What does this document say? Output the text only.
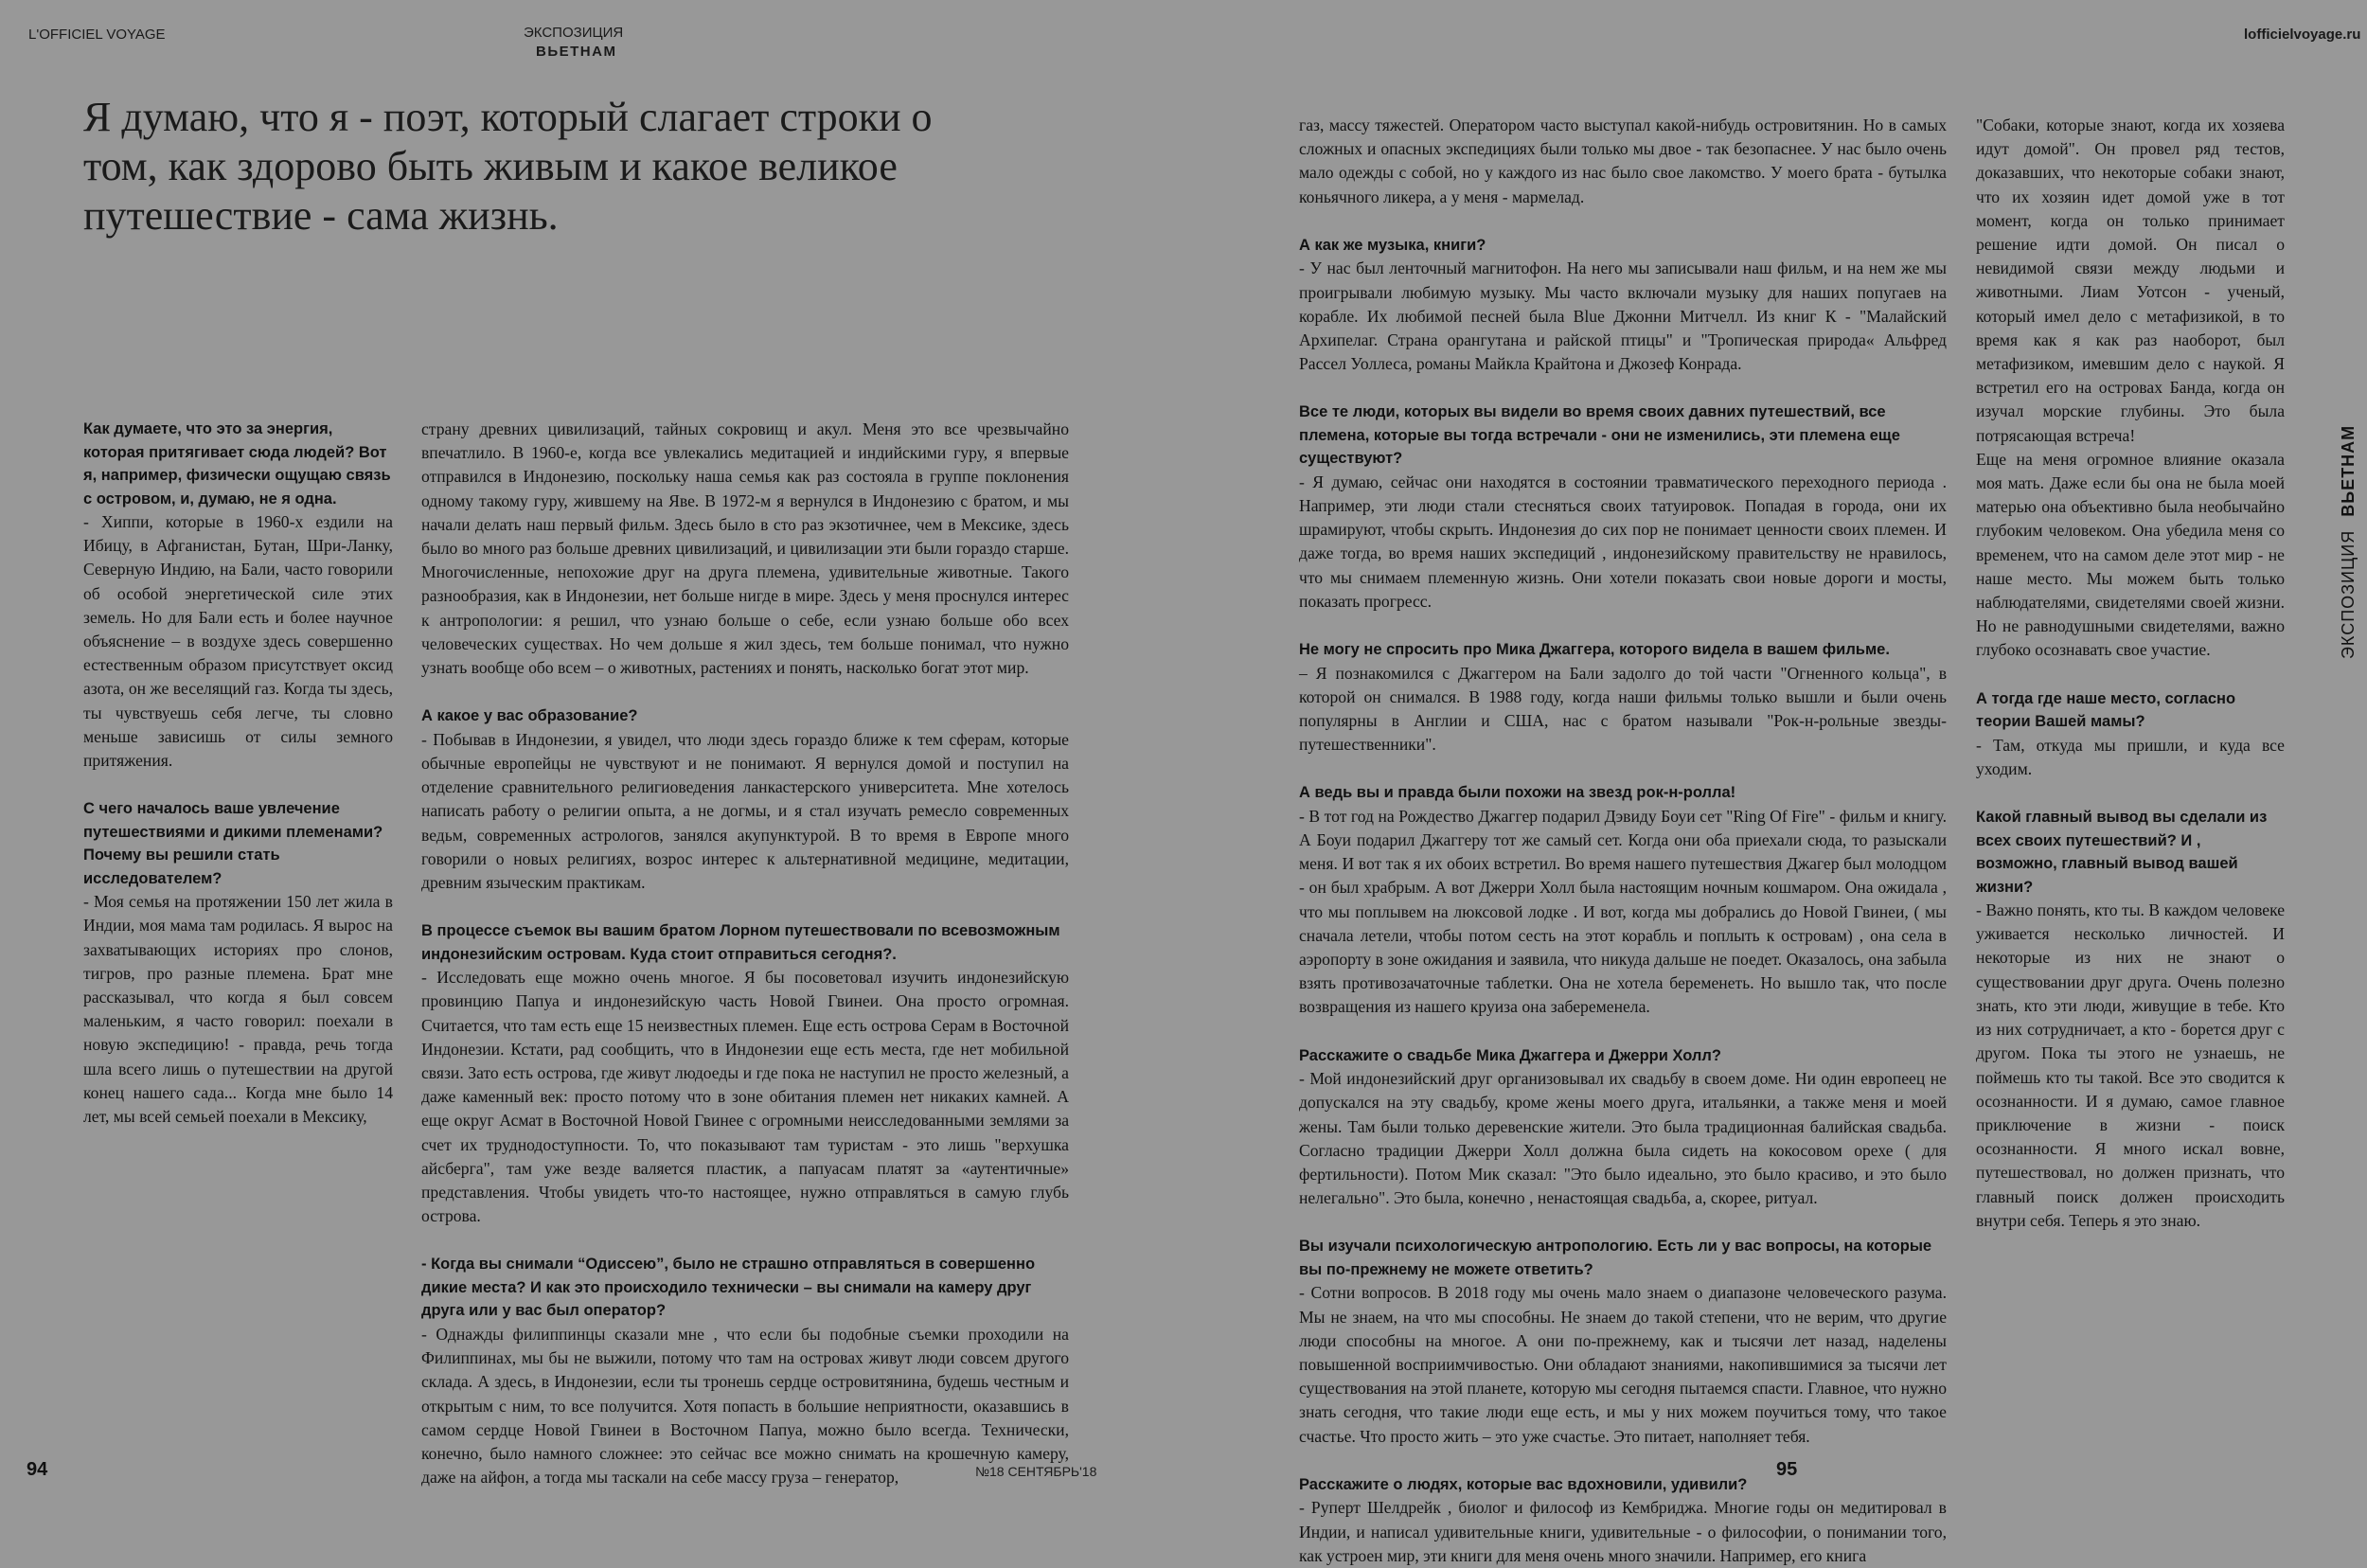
L'OFFICIEL VOYAGE	ЭКСПОЗИЦИЯ
ВЬЕТНАМ
lofficielvoyage.ru
Я думаю, что я - поэт, который слагает строки о том, как здорово быть живым и какое великое путешествие - сама жизнь.

Как думаете, что это за энергия, которая притягивает сюда людей? Вот я, например, физически ощущаю связь с островом, и, думаю, не я одна.

- Хиппи, которые в 1960-х ездили на Ибицу, в Афганистан, Бутан, Шри-Ланку, Северную Индию, на Бали, часто говорили об особой энергетической силе этих земель. Но для Бали есть и более научное объяснение – в воздухе здесь совершенно естественным образом присутствует оксид азота, он же веселящий газ. Когда ты здесь, ты чувствуешь себя легче, ты словно меньше зависишь от силы земного притяжения.

С чего началось ваше увлечение путешествиями и дикими племенами? Почему вы решили стать исследователем?

- Моя семья на протяжении 150 лет жила в Индии, моя мама там родилась. Я вырос на захватывающих историях про слонов, тигров, про разные племена. Брат мне рассказывал, что когда я был совсем маленьким, я часто говорил: поехали в новую экспедицию! - правда, речь тогда шла всего лишь о путешествии на другой конец нашего сада... Когда мне было 14 лет, мы всей семьей поехали в Мексику,

страну древних цивилизаций, тайных сокровищ и акул. Меня это все чрезвычайно впечатлило. В 1960-е, когда все увлекались медитацией и индийскими гуру, я впервые отправился в Индонезию, поскольку наша семья как раз состояла в группе поклонения одному такому гуру, жившему на Яве. В 1972-м я вернулся в Индонезию с братом, и мы начали делать наш первый фильм. Здесь было в сто раз экзотичнее, чем в Мексике, здесь было во много раз больше древних цивилизаций, и цивилизации эти были гораздо старше. Многочисленные, непохожие друг на друга племена, удивительные животные. Такого разнообразия, как в Индонезии, нет больше нигде в мире. Здесь у меня проснулся интерес к антропологии: я решил, что узнаю больше о себе, если узнаю больше обо всех человеческих существах. Но чем дольше я жил здесь, тем больше понимал, что нужно узнать вообще обо всем – о животных, растениях и понять, насколько богат этот мир.

А какое у вас образование?

- Побывав в Индонезии, я увидел, что люди здесь гораздо ближе к тем сферам, которые обычные европейцы не чувствуют и не понимают. Я вернулся домой и поступил на отделение сравнительного религиоведения ланкастерского университета. Мне хотелось написать работу о религии опыта, а не догмы, и я стал изучать ремесло современных ведьм, современных астрологов, занялся акупунктурой. В то время в Европе много говорили о новых религиях, возрос интерес к альтернативной медицине, медитации, древним языческим практикам.

В процессе съемок вы вашим братом Лорном путешествовали по всевозможным индонезийским островам. Куда стоит отправиться сегодня?.

- Исследовать еще можно очень многое. Я бы посоветовал изучить индонезийскую провинцию Папуа и индонезийскую часть Новой Гвинеи. Она просто огромная. Считается, что там есть еще 15 неизвестных племен. Еще есть острова Серам в Восточной Индонезии. Кстати, рад сообщить, что в Индонезии еще есть места, где нет мобильной связи. Зато есть острова, где живут людоеды и где пока не наступил не просто железный, а даже каменный век: просто потому что в зоне обитания племен нет никаких камней. А еще округ Асмат в Восточной Новой Гвинее с огромными неисследованными землями за счет их труднодоступности. То, что показывают там туристам - это лишь "верхушка айсберга", там уже везде валяется пластик, а папуасам платят за «аутентичные» представления. Чтобы увидеть что-то настоящее, нужно отправляться в самую глубь острова.

- Когда вы снимали “Одиссею”, было не страшно отправляться в совершенно дикие места? И как это происходило технически – вы снимали на камеру друг друга или у вас был оператор?

- Однажды филиппинцы сказали мне , что если бы подобные съемки проходили на Филиппинах, мы бы не выжили, потому что там на островах живут люди совсем другого склада. А здесь, в Индонезии, если ты тронешь сердце островитянина, будешь честным и открытым с ним, то все получится. Хотя попасть в большие неприятности, оказавшись в самом сердце Новой Гвинеи в Восточном Папуа, можно было всегда. Технически, конечно, было намного сложнее: это сейчас все можно снимать на крошечную камеру, даже на айфон, а тогда мы таскали на себе массу груза – генератор,

газ, массу тяжестей. Оператором часто выступал какой-нибудь островитянин. Но в самых сложных и опасных экспедициях были только мы двое - так безопаснее. У нас было очень мало одежды с собой, но у каждого из нас было свое лакомство. У моего брата - бутылка коньячного ликера, а у меня - мармелад.

А как же музыка, книги?

- У нас был ленточный магнитофон. На него мы записывали наш фильм, и на нем же мы проигрывали любимую музыку. Мы часто включали музыку для наших попугаев на корабле. Их любимой песней была Blue Джонни Митчелл. Из книг К - "Малайский Архипелаг. Страна орангутана и райской птицы" и "Тропическая природа« Альфред Рассел Уоллеса, романы Майкла Крайтона и Джозеф Конрада.

Все те люди, которых вы видели во время своих давних путешествий, все племена, которые вы тогда встречали - они не изменились, эти племена еще существуют?

- Я думаю, сейчас они находятся в состоянии травматического переходного периода . Например, эти люди стали стесняться своих татуировок. Попадая в города, они их шрамируют, чтобы скрыть. Индонезия до сих пор не понимает ценности своих племен. И даже тогда, во время наших экспедиций , индонезийскому правительству не нравилось, что мы снимаем племенную жизнь. Они хотели показать свои новые дороги и мосты, показать прогресс.

Не могу не спросить про Мика Джаггера, которого видела в вашем фильме.

– Я познакомился с Джаггером на Бали задолго до той части "Огненного кольца", в которой он снимался. В 1988 году, когда наши фильмы только вышли и были очень популярны в Англии и США, нас с братом называли "Рок-н-рольные звезды-путешественники".

А ведь вы и правда были похожи на звезд рок-н-ролла!

- В тот год на Рождество Джаггер подарил Дэвиду Боуи сет "Ring Of Fire" - фильм и книгу. А Боуи подарил Джаггеру тот же самый сет. Когда они оба приехали сюда, то разыскали меня. И вот так я их обоих встретил. Во время нашего путешествия Джагер был молодцом - он был храбрым. А вот Джерри Холл была настоящим ночным кошмаром. Она ожидала , что мы поплывем на люксовой лодке . И вот, когда мы добрались до Новой Гвинеи, ( мы сначала летели, чтобы потом сесть на этот корабль и поплыть к островам) , она села в аэропорту в зоне ожидания и заявила, что никуда дальше не поедет. Оказалось, она забыла взять противозачаточные таблетки. Она не хотела беременеть. Но вышло так, что после возвращения из нашего круиза она забеременела.

Расскажите о свадьбе Мика Джаггера и Джерри Холл?

- Мой индонезийский друг организовывал их свадьбу в своем доме. Ни один европеец не допускался на эту свадьбу, кроме жены моего друга, итальянки, а также меня и моей жены. Там были только деревенские жители. Это была традиционная балийская свадьба. Согласно традиции Джерри Холл должна была сидеть на кокосовом орехе ( для фертильности). Потом Мик сказал: "Это было идеально, это было красиво, и это было нелегально". Это была, конечно , ненастоящая свадьба, а, скорее, ритуал.

Вы изучали психологическую антропологию. Есть ли у вас вопросы, на которые вы по-прежнему не можете ответить?

- Сотни вопросов. В 2018 году мы очень мало знаем о диапазоне человеческого разума. Мы не знаем, на что мы способны. Не знаем до такой степени, что не верим, что другие люди способны на многое. А они по-прежнему, как и тысячи лет назад, наделены повышенной восприимчивостью. Они обладают знаниями, накопившимися за тысячи лет существования на этой планете, которую мы сегодня пытаемся спасти. Главное, что нужно знать сегодня, что такие люди еще есть, и мы у них можем поучиться тому, что такое счастье. Что просто жить – это уже счастье. Это питает, наполняет тебя.

Расскажите о людях, которые вас вдохновили, удивили?

- Руперт Шелдрейк , биолог и философ из Кембриджа. Многие годы он медитировал в Индии, и написал удивительные книги, удивительные - о философии, о понимании того, как устроен мир, эти книги для меня очень много значили. Например, его книга

"Собаки, которые знают, когда их хозяева идут домой". Он провел ряд тестов, доказавших, что некоторые собаки знают, что их хозяин идет домой уже в тот момент, когда он только принимает решение идти домой. Он писал о невидимой связи между людьми и животными. Лиам Уотсон - ученый, который имел дело с метафизикой, в то время как я как раз наоборот, был метафизиком, имевшим дело с наукой. Я встретил его на островах Банда, когда он изучал морские глубины. Это была потрясающая встреча!

Еще на меня огромное влияние оказала моя мать. Даже если бы она не была моей матерью она объективно была необычайно глубоким человеком. Она убедила меня со временем, что на самом деле этот мир - не наше место. Мы можем быть только наблюдателями, свидетелями своей жизни. Но не равнодушными свидетелями, важно глубоко осознавать свое участие.

А тогда где наше место, согласно теории Вашей мамы?

- Там, откуда мы пришли, и куда все уходим.

Какой главный вывод вы сделали из всех своих путешествий? И , возможно, главный вывод вашей жизни?

- Важно понять, кто ты. В каждом человеке уживается несколько личностей. И некоторые из них не знают о существовании друг друга. Очень полезно знать, кто эти люди, живущие в тебе. Кто из них сотрудничает, а кто - борется друг с другом. Пока ты этого не узнаешь, не поймешь кто ты такой. Все это сводится к осознанности. И я думаю, самое главное приключение в жизни - поиск осознанности. Я много искал вовне, путешествовал, но должен признать, что главный поиск должен происходить внутри себя. Теперь я это знаю.

ЭКСПОЗИЦИЯ ВЬЕТНАМ
94	№18 СЕНТЯБРЬ'18	95
